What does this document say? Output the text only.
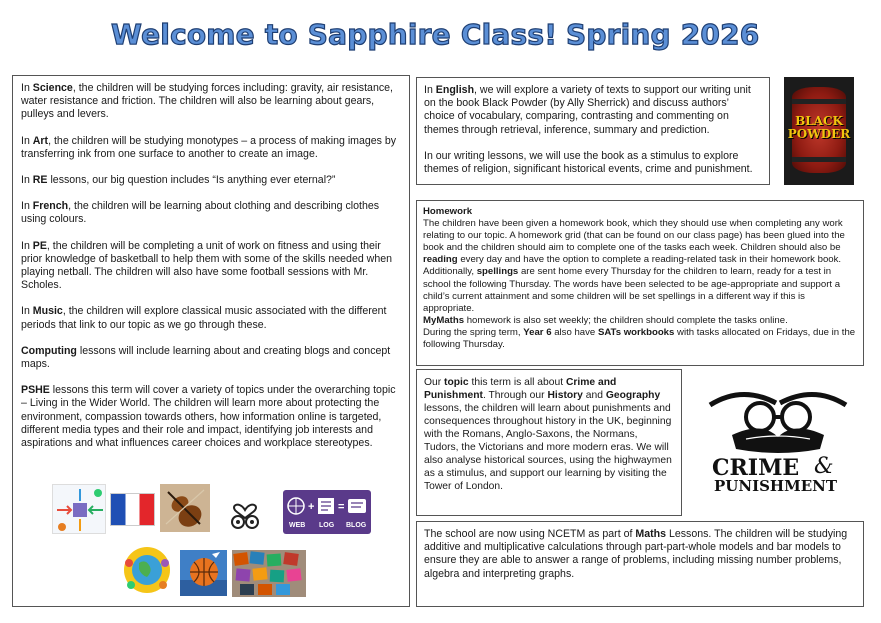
Welcome to Sapphire Class! Spring 2026

In Science, the children will be studying forces including: gravity, air resistance, water resistance and friction. The children will also be learning about gears, pulleys and levers.

In Art, the children will be studying monotypes – a process of making images by transferring ink from one surface to another to create an image.

In RE lessons, our big question includes “Is anything ever eternal?”

In French, the children will be learning about clothing and describing clothes using colours.

In PE, the children will be completing a unit of work on fitness and using their prior knowledge of basketball to help them with some of the skills needed when playing netball. The children will also have some football sessions with Mr. Scholes.

In Music, the children will explore classical music associated with the different periods that link to our topic as we go through these.

Computing lessons will include learning about and creating blogs and concept maps.

PSHE lessons this term will cover a variety of topics under the overarching topic – Living in the Wider World. The children will learn more about protecting the environment, compassion towards others, how information online is targeted, different media types and their role and impact, identifying job interests and aspirations and what influences career choices and workplace stereotypes.

WEB
+
LOG
=
BLOG

In English, we will explore a variety of texts to support our writing unit on the book Black Powder (by Ally Sherrick) and discuss authors’ choice of vocabulary, comparing, contrasting and commenting on themes through retrieval, inference, summary and prediction.

In our writing lessons, we will use the book as a stimulus to explore themes of religion, significant historical events, crime and punishment.

BLACK
POWDER

Homework

The children have been given a homework book, which they should use when completing any work relating to our topic. A homework grid (that can be found on our class page) has been glued into the book and the children should aim to complete one of the tasks each week. Children should also be reading every day and have the option to complete a reading-related task in their homework book. Additionally, spellings are sent home every Thursday for the children to learn, ready for a test in school the following Thursday. The words have been selected to be age-appropriate and support a child’s current attainment and some children will be set spellings in a different way if this is appropriate.

MyMaths homework is also set weekly; the children should complete the tasks online.

During the spring term, Year 6 also have SATs workbooks with tasks allocated on Fridays, due in the following Thursday.

Our topic this term is all about Crime and Punishment. Through our History and Geography lessons, the children will learn about punishments and consequences throughout history in the UK, beginning with the Romans, Anglo-Saxons, the Normans, Tudors, the Victorians and more modern eras. We will also analyse historical sources, using the highwaymen as a stimulus, and support our learning by visiting the Tower of London.

CRIME &
PUNISHMENT

The school are now using NCETM as part of Maths Lessons. The children will be studying additive and multiplicative calculations through part-part-whole models and bar models to ensure they are able to answer a range of problems, including missing number problems, algebra and interpreting graphs.
